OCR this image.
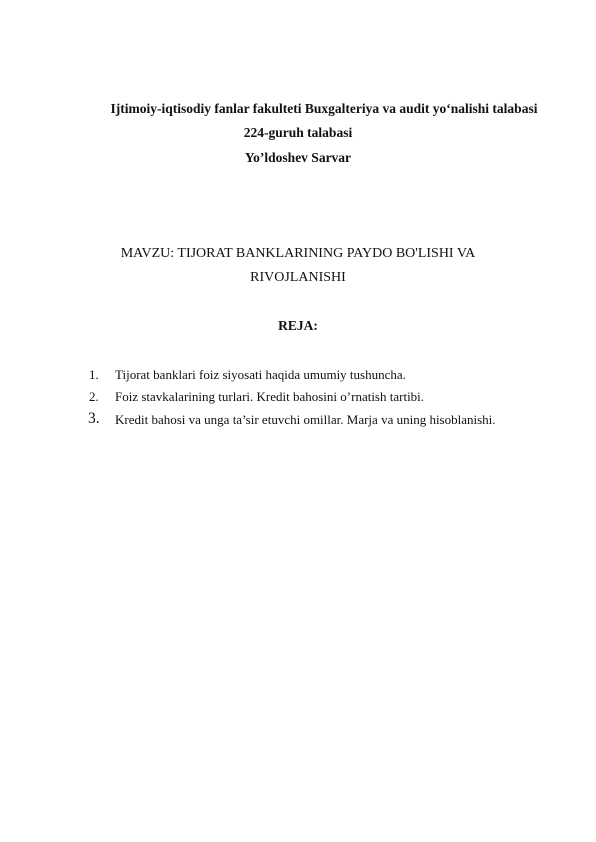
Ijtimoiy-iqtisodiy fanlar fakulteti Buxgalteriya va audit yo‘nalishi talabasi
224-guruh talabasi
Yo’ldoshev Sarvar
MAVZU: TIJORAT BANKLARINING PAYDO BO'LISHI VA
RIVOJLANISHI
REJA:
1. Tijorat banklari foiz siyosati haqida umumiy tushuncha.
2. Foiz stavkalarining turlari. Kredit bahosini o’rnatish tartibi.
3. Kredit bahosi va unga ta’sir etuvchi omillar. Marja va uning hisoblanishi.
